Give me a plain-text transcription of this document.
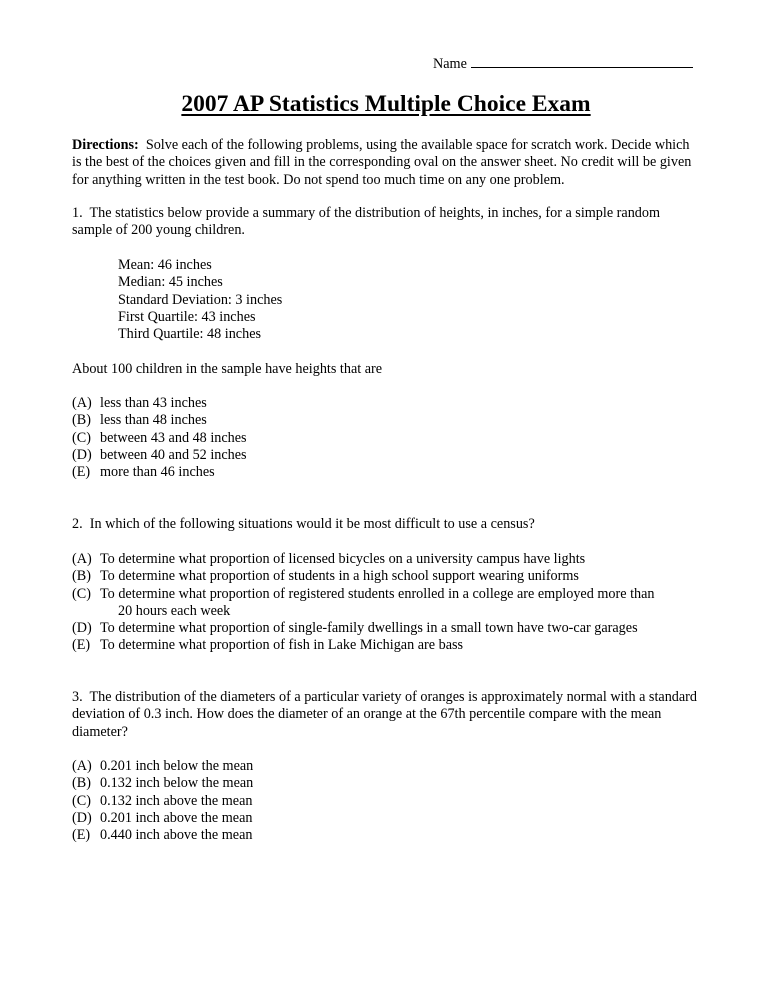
Name
2007 AP Statistics Multiple Choice Exam
Directions: Solve each of the following problems, using the available space for scratch work. Decide which is the best of the choices given and fill in the corresponding oval on the answer sheet. No credit will be given for anything written in the test book. Do not spend too much time on any one problem.
1. The statistics below provide a summary of the distribution of heights, in inches, for a simple random sample of 200 young children.
Mean: 46 inches
Median: 45 inches
Standard Deviation: 3 inches
First Quartile: 43 inches
Third Quartile: 48 inches
About 100 children in the sample have heights that are
(A) less than 43 inches
(B) less than 48 inches
(C) between 43 and 48 inches
(D) between 40 and 52 inches
(E) more than 46 inches
2. In which of the following situations would it be most difficult to use a census?
(A) To determine what proportion of licensed bicycles on a university campus have lights
(B) To determine what proportion of students in a high school support wearing uniforms
(C) To determine what proportion of registered students enrolled in a college are employed more than
20 hours each week
(D) To determine what proportion of single-family dwellings in a small town have two-car garages
(E) To determine what proportion of fish in Lake Michigan are bass
3. The distribution of the diameters of a particular variety of oranges is approximately normal with a standard deviation of 0.3 inch. How does the diameter of an orange at the 67th percentile compare with the mean diameter?
(A) 0.201 inch below the mean
(B) 0.132 inch below the mean
(C) 0.132 inch above the mean
(D) 0.201 inch above the mean
(E) 0.440 inch above the mean
